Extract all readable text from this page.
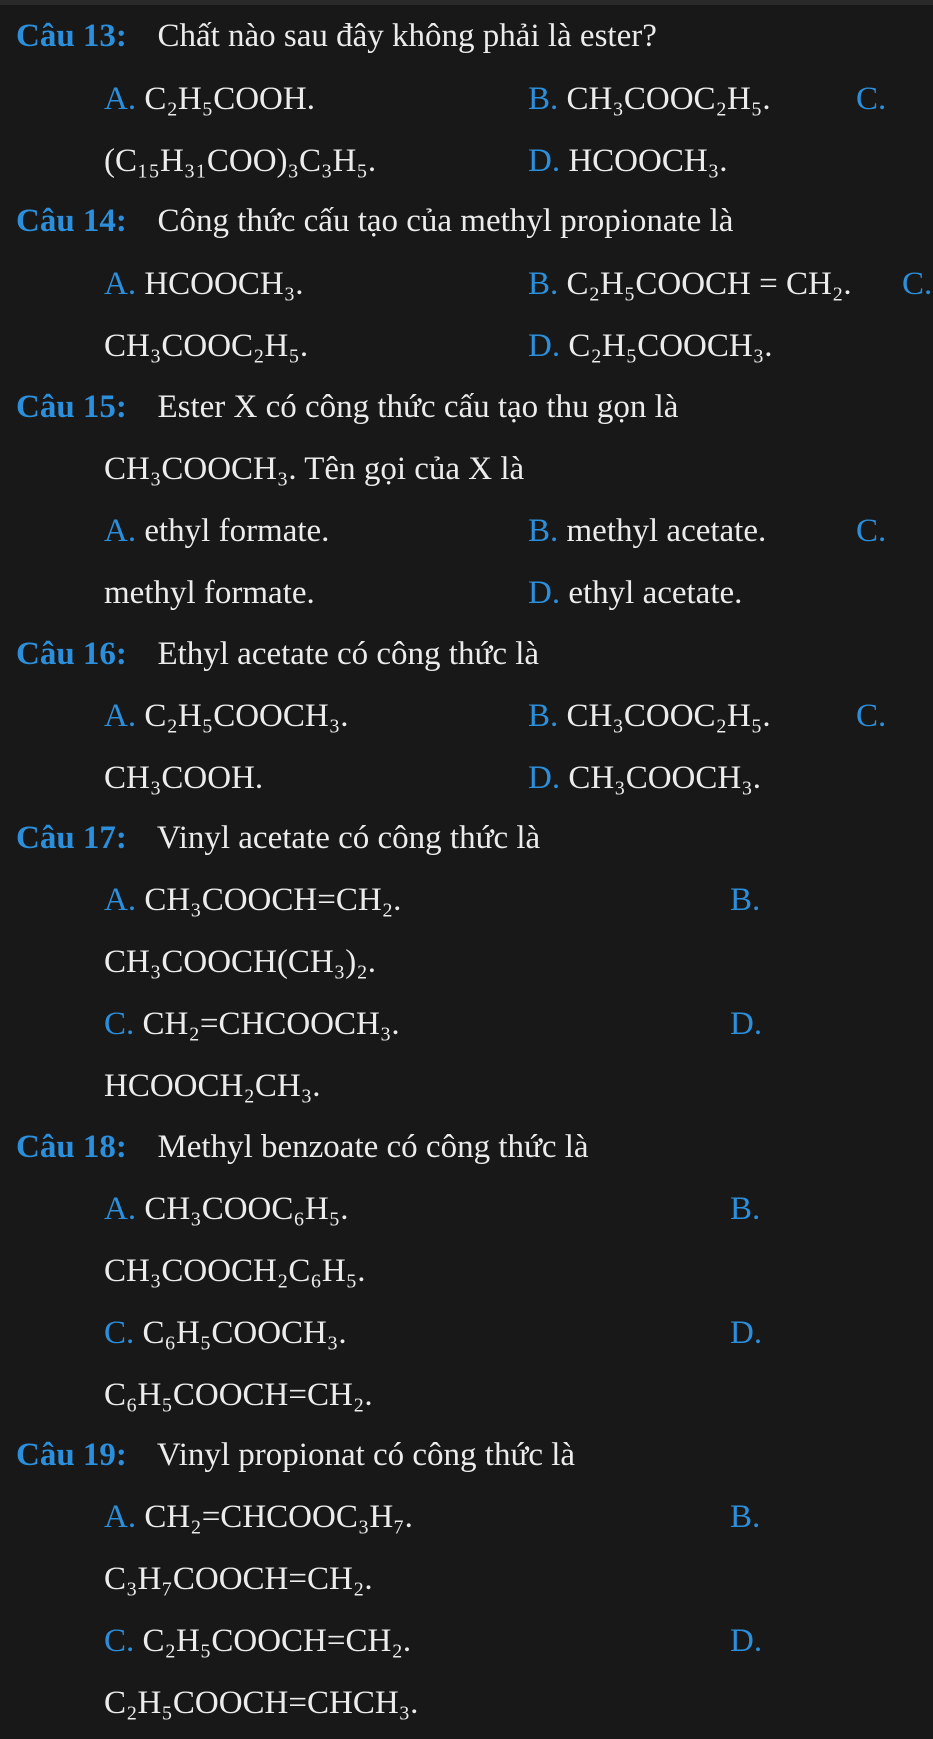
Câu 13: Chất nào sau đây không phải là ester?
A. C₂H₅COOH.	B. CH₃COOC₂H₅.	C.
(C₁₅H₃₁COO)₃C₃H₅.	D. HCOOCH₃.
Câu 14: Công thức cấu tạo của methyl propionate là
A. HCOOCH₃.	B. C₂H₅COOCH = CH₂. C.
CH₃COOC₂H₅.	D. C₂H₅COOCH₃.
Câu 15: Ester X có công thức cấu tạo thu gọn là
CH₃COOCH₃. Tên gọi của X là
A. ethyl formate.	B. methyl acetate.	C.
methyl formate.	D. ethyl acetate.
Câu 16: Ethyl acetate có công thức là
A. C₂H₅COOCH₃.	B. CH₃COOC₂H₅.	C.
CH₃COOH.	D. CH₃COOCH₃.
Câu 17: Vinyl acetate có công thức là
A. CH₃COOCH=CH₂.	B.
CH₃COOCH(CH₃)₂.
C. CH₂=CHCOOCH₃.	D.
HCOOCH₂CH₃.
Câu 18: Methyl benzoate có công thức là
A. CH₃COOC₆H₅.	B.
CH₃COOCH₂C₆H₅.
C. C₆H₅COOCH₃.	D.
C₆H₅COOCH=CH₂.
Câu 19: Vinyl propionat có công thức là
A. CH₂=CHCOOC₃H₇.	B.
C₃H₇COOCH=CH₂.
C. C₂H₅COOCH=CH₂.	D.
C₂H₅COOCH=CHCH₃.
